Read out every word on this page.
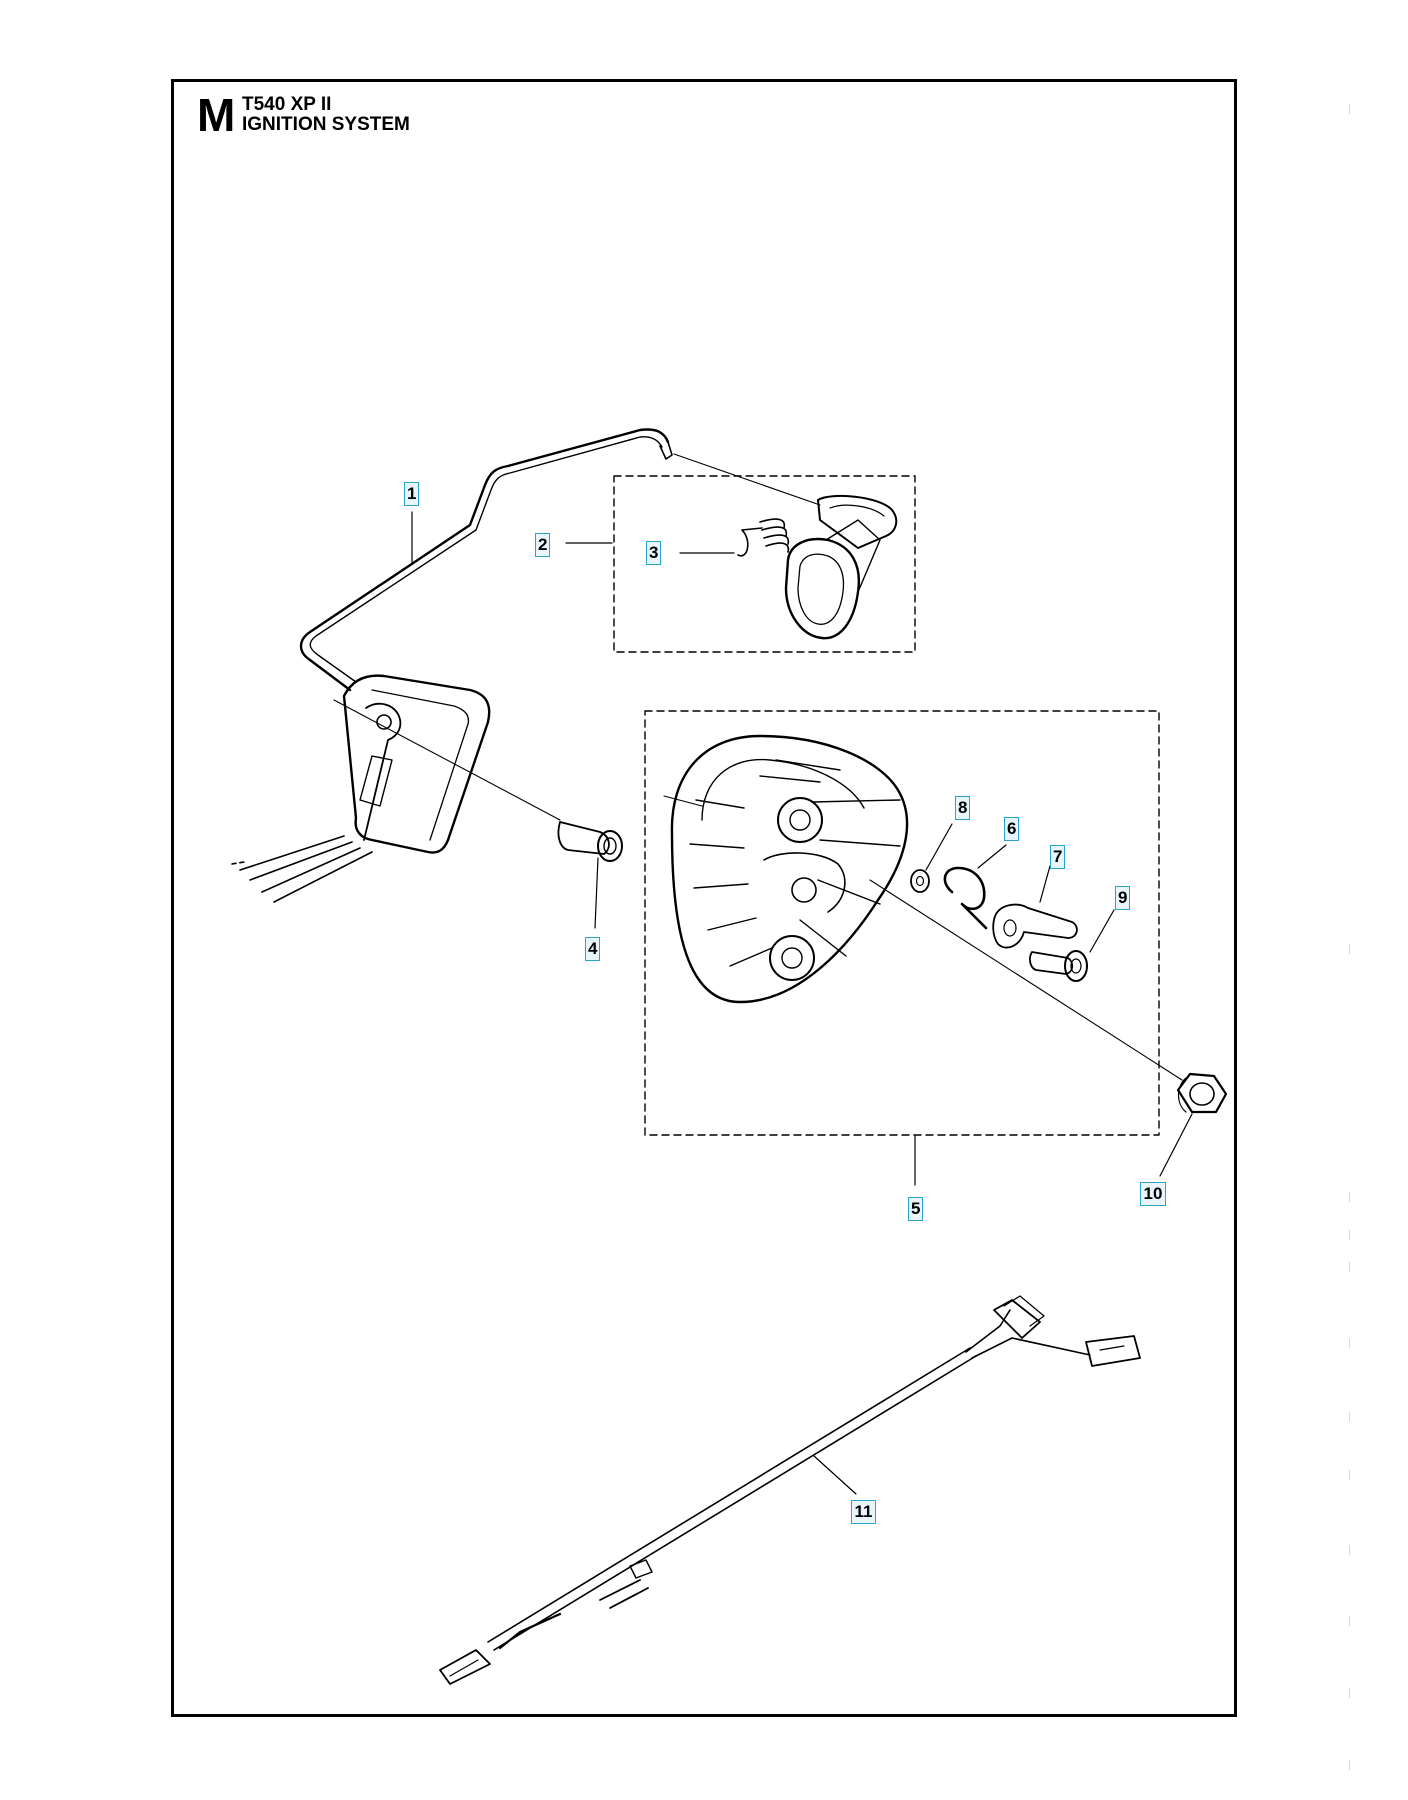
M T540 XP II
IGNITION SYSTEM
1
2	3
4
5
6
7
8
9
10
11
